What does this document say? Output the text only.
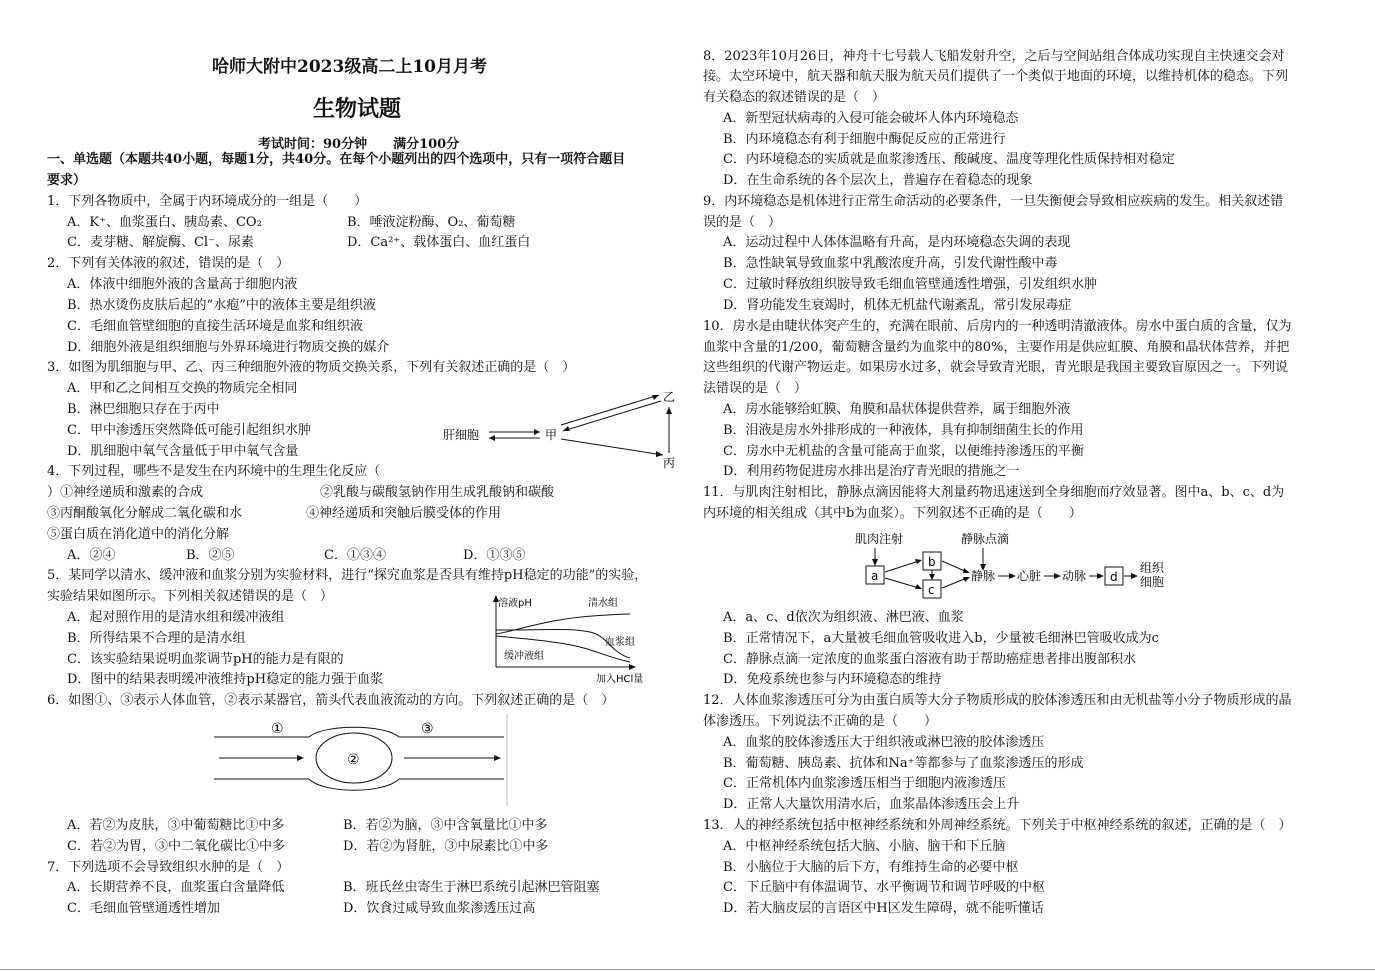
哈师大附中2023级高二上10月月考
生物试题
考试时间：90分钟　　满分100分
一、单选题（本题共40小题，每题1分，共40分。在每个小题列出的四个选项中，只有一项符合题目
要求）
1．下列各物质中，全属于内环境成分的一组是（　　）
A．K⁺、血浆蛋白、胰岛素、CO₂	B．唾液淀粉酶、O₂、葡萄糖
C．麦芽糖、解旋酶、Cl⁻、尿素	D．Ca²⁺、载体蛋白、血红蛋白
2．下列有关体液的叙述，错误的是（　）
A．体液中细胞外液的含量高于细胞内液
B．热水烫伤皮肤后起的“水疱”中的液体主要是组织液
C．毛细血管壁细胞的直接生活环境是血浆和组织液
D．细胞外液是组织细胞与外界环境进行物质交换的媒介
3．如图为肌细胞与甲、乙、丙三种细胞外液的物质交换关系，下列有关叙述正确的是（　）
A．甲和乙之间相互交换的物质完全相同
B．淋巴细胞只存在于丙中
C．甲中渗透压突然降低可能引起组织水肿
D．肌细胞中氧气含量低于甲中氧气含量
肝细胞	甲
乙
丙
4．下列过程，哪些不是发生在内环境中的生理生化反应（
）①神经递质和激素的合成	②乳酸与碳酸氢钠作用生成乳酸钠和碳酸
③丙酮酸氧化分解成二氧化碳和水	④神经递质和突触后膜受体的作用
⑤蛋白质在消化道中的消化分解
A．②④	B．②⑤	C．①③④	D．①③⑤
5．某同学以清水、缓冲液和血浆分别为实验材料，进行“探究血浆是否具有维持pH稳定的功能”的实验，
实验结果如图所示。下列相关叙述错误的是（　）
A．起对照作用的是清水组和缓冲液组
B．所得结果不合理的是清水组
C．该实验结果说明血浆调节pH的能力是有限的
D．图中的结果表明缓冲液维持pH稳定的能力强于血浆
溶液pH	清水组
血浆组
缓冲液组
加入HCl量
6．如图①、③表示人体血管，②表示某器官，箭头代表血液流动的方向。下列叙述正确的是（　）
①	③
②
A．若②为皮肤，③中葡萄糖比①中多	B．若②为脑，③中含氧量比①中多
C．若②为胃，③中二氧化碳比①中多	D．若②为肾脏，③中尿素比①中多
7．下列选项不会导致组织水肿的是（　）
A．长期营养不良，血浆蛋白含量降低	B．班氏丝虫寄生于淋巴系统引起淋巴管阻塞
C．毛细血管壁通透性增加	D．饮食过咸导致血浆渗透压过高
8．2023年10月26日，神舟十七号载人飞船发射升空，之后与空间站组合体成功实现自主快速交会对
接。太空环境中，航天器和航天服为航天员们提供了一个类似于地面的环境，以维持机体的稳态。下列
有关稳态的叙述错误的是（　）
A．新型冠状病毒的入侵可能会破坏人体内环境稳态
B．内环境稳态有利于细胞中酶促反应的正常进行
C．内环境稳态的实质就是血浆渗透压、酸碱度、温度等理化性质保持相对稳定
D．在生命系统的各个层次上，普遍存在着稳态的现象
9．内环境稳态是机体进行正常生命活动的必要条件，一旦失衡便会导致相应疾病的发生。相关叙述错
误的是（　）
A．运动过程中人体体温略有升高，是内环境稳态失调的表现
B．急性缺氧导致血浆中乳酸浓度升高，引发代谢性酸中毒
C．过敏时释放组织胺导致毛细血管壁通透性增强，引发组织水肿
D．肾功能发生衰竭时，机体无机盐代谢紊乱，常引发尿毒症
10．房水是由睫状体突产生的，充满在眼前、后房内的一种透明清澈液体。房水中蛋白质的含量，仅为
血浆中含量的1/200，葡萄糖含量约为血浆中的80%，主要作用是供应虹膜、角膜和晶状体营养，并把
这些组织的代谢产物运走。如果房水过多，就会导致青光眼，青光眼是我国主要致盲原因之一。下列说
法错误的是（　）
A．房水能够给虹膜、角膜和晶状体提供营养，属于细胞外液
B．泪液是房水外排形成的一种液体，具有抑制细菌生长的作用
C．房水中无机盐的含量可能高于血浆，以便维持渗透压的平衡
D．利用药物促进房水排出是治疗青光眼的措施之一
11．与肌肉注射相比，静脉点滴因能将大剂量药物迅速送到全身细胞而疗效显著。图中a、b、c、d为
内环境的相关组成（其中b为血浆）。下列叙述不正确的是（　　）
肌肉注射	静脉点滴
a
b
c
静脉 心脏 动脉 d
组织
细胞
A．a、c、d依次为组织液、淋巴液、血浆
B．正常情况下，a大量被毛细血管吸收进入b，少量被毛细淋巴管吸收成为c
C．静脉点滴一定浓度的血浆蛋白溶液有助于帮助癌症患者排出腹部积水
D．免疫系统也参与内环境稳态的维持
12．人体血浆渗透压可分为由蛋白质等大分子物质形成的胶体渗透压和由无机盐等小分子物质形成的晶
体渗透压。下列说法不正确的是（　　）
A．血浆的胶体渗透压大于组织液或淋巴液的胶体渗透压
B．葡萄糖、胰岛素、抗体和Na⁺等都参与了血浆渗透压的形成
C．正常机体内血浆渗透压相当于细胞内液渗透压
D．正常人大量饮用清水后，血浆晶体渗透压会上升
13．人的神经系统包括中枢神经系统和外周神经系统。下列关于中枢神经系统的叙述，正确的是（　）
A．中枢神经系统包括大脑、小脑、脑干和下丘脑
B．小脑位于大脑的后下方，有维持生命的必要中枢
C．下丘脑中有体温调节、水平衡调节和调节呼吸的中枢
D．若大脑皮层的言语区中H区发生障碍，就不能听懂话
